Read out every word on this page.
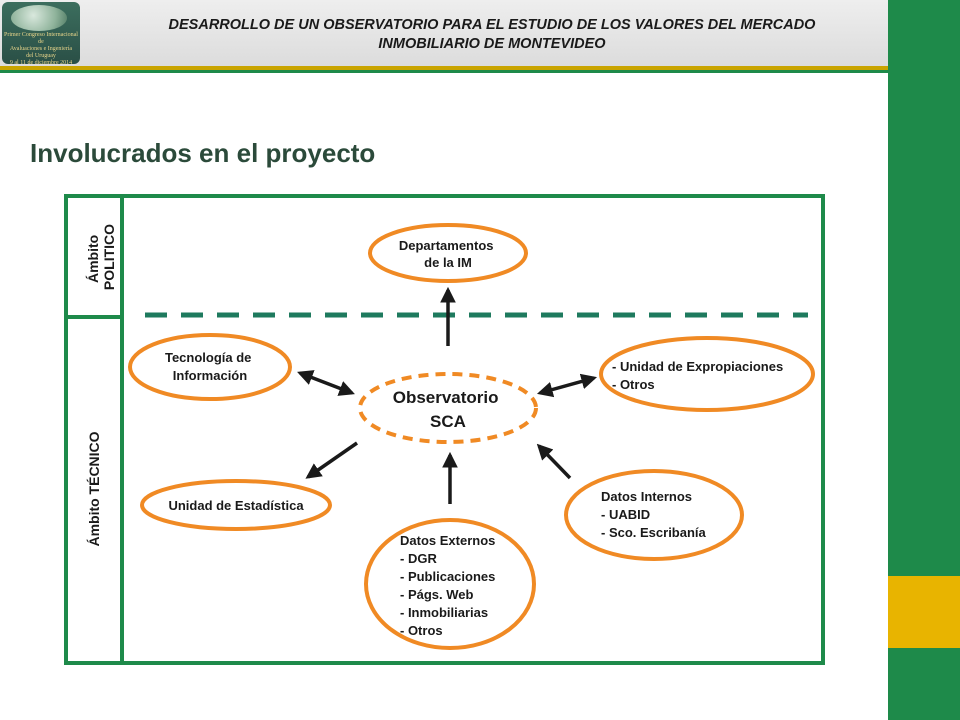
Primer Congreso Internacional de
Avaluaciones e Ingeniería
del Uruguay
9 al 11 de diciembre 2014
DESARROLLO DE UN OBSERVATORIO PARA EL ESTUDIO DE LOS VALORES DEL MERCADO
INMOBILIARIO DE MONTEVIDEO
Involucrados en el proyecto
Ámbito POLITICO
Ámbito TÉCNICO
Observatorio SCA
Departamentos de la IM
Tecnología de Información
- Unidad de Expropiaciones - Otros
Unidad de Estadística
Datos Internos - UABID - Sco. Escribanía
Datos Externos - DGR - Publicaciones - Págs. Web - Inmobiliarias - Otros
